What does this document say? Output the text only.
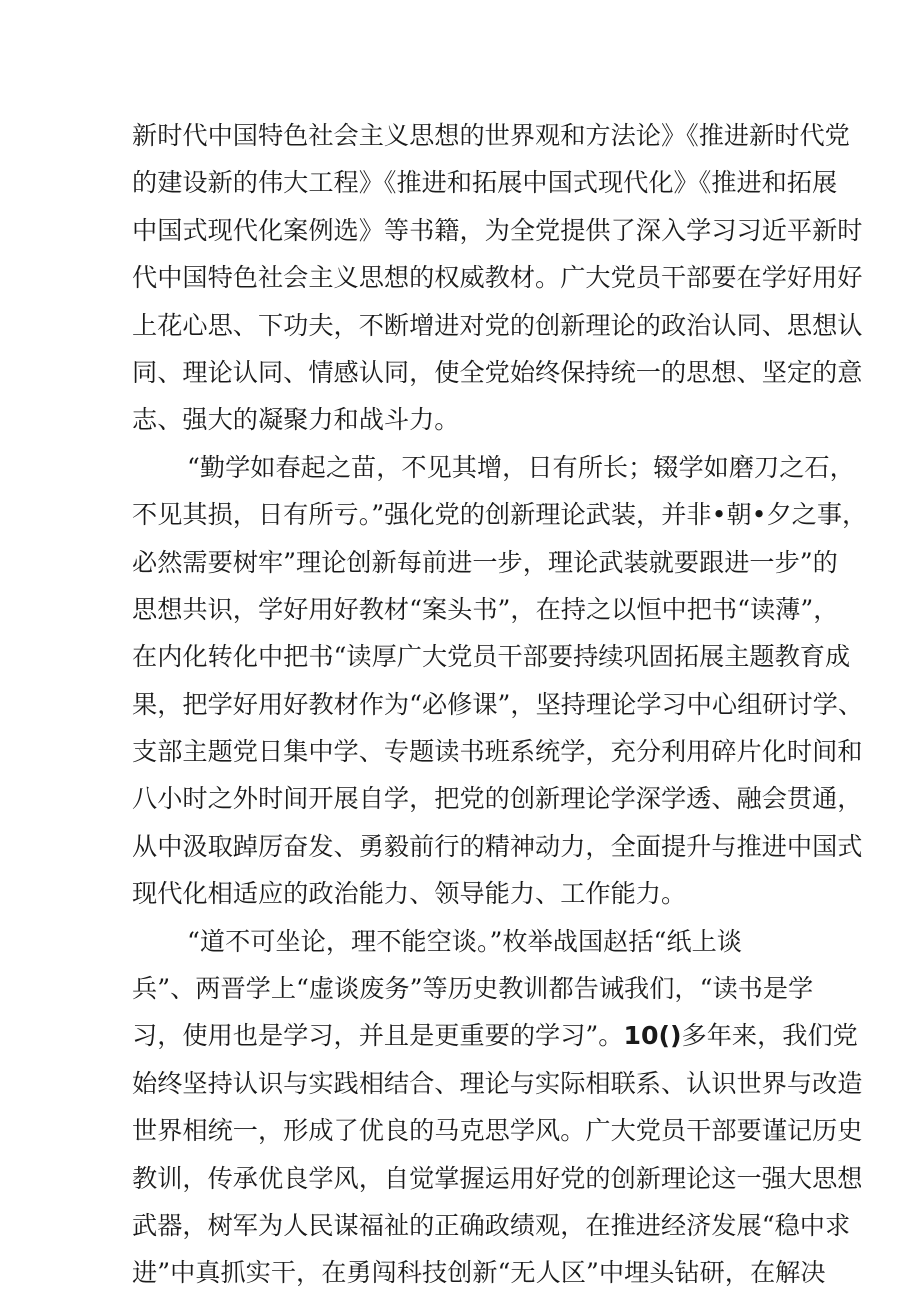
新时代中国特色社会主义思想的世界观和方法论》《推进新时代党
的建设新的伟大工程》《推进和拓展中国式现代化》《推进和拓展
中国式现代化案例选》等书籍，为全党提供了深入学习习近平新时
代中国特色社会主义思想的权威教材。广大党员干部要在学好用好
上花心思、下功夫，不断增进对党的创新理论的政治认同、思想认
同、理论认同、情感认同，使全党始终保持统一的思想、坚定的意
志、强大的凝聚力和战斗力。
“勤学如春起之苗，不见其增，日有所长；辍学如磨刀之石，
不见其损，日有所亏。”强化党的创新理论武装，并非•朝•夕之事，
必然需要树牢”理论创新每前进一步，理论武装就要跟进一步”的
思想共识，学好用好教材“案头书”，在持之以恒中把书“读薄”，
在内化转化中把书“读厚广大党员干部要持续巩固拓展主题教育成
果，把学好用好教材作为“必修课”，坚持理论学习中心组研讨学、
支部主题党日集中学、专题读书班系统学，充分利用碎片化时间和
八小时之外时间开展自学，把党的创新理论学深学透、融会贯通，
从中汲取踔厉奋发、勇毅前行的精神动力，全面提升与推进中国式
现代化相适应的政治能力、领导能力、工作能力。
“道不可坐论，理不能空谈。”枚举战国赵括“纸上谈
兵”、两晋学上“虚谈废务”等历史教训都告诫我们，“读书是学
习，使用也是学习，并且是更重要的学习”。10()多年来，我们党
始终坚持认识与实践相结合、理论与实际相联系、认识世界与改造
世界相统一，形成了优良的马克思学风。广大党员干部要谨记历史
教训，传承优良学风，自觉掌握运用好党的创新理论这一强大思想
武器，树军为人民谋福祉的正确政绩观，在推进经济发展“稳中求
进”中真抓实干，在勇闯科技创新“无人区”中埋头钻研，在解决
